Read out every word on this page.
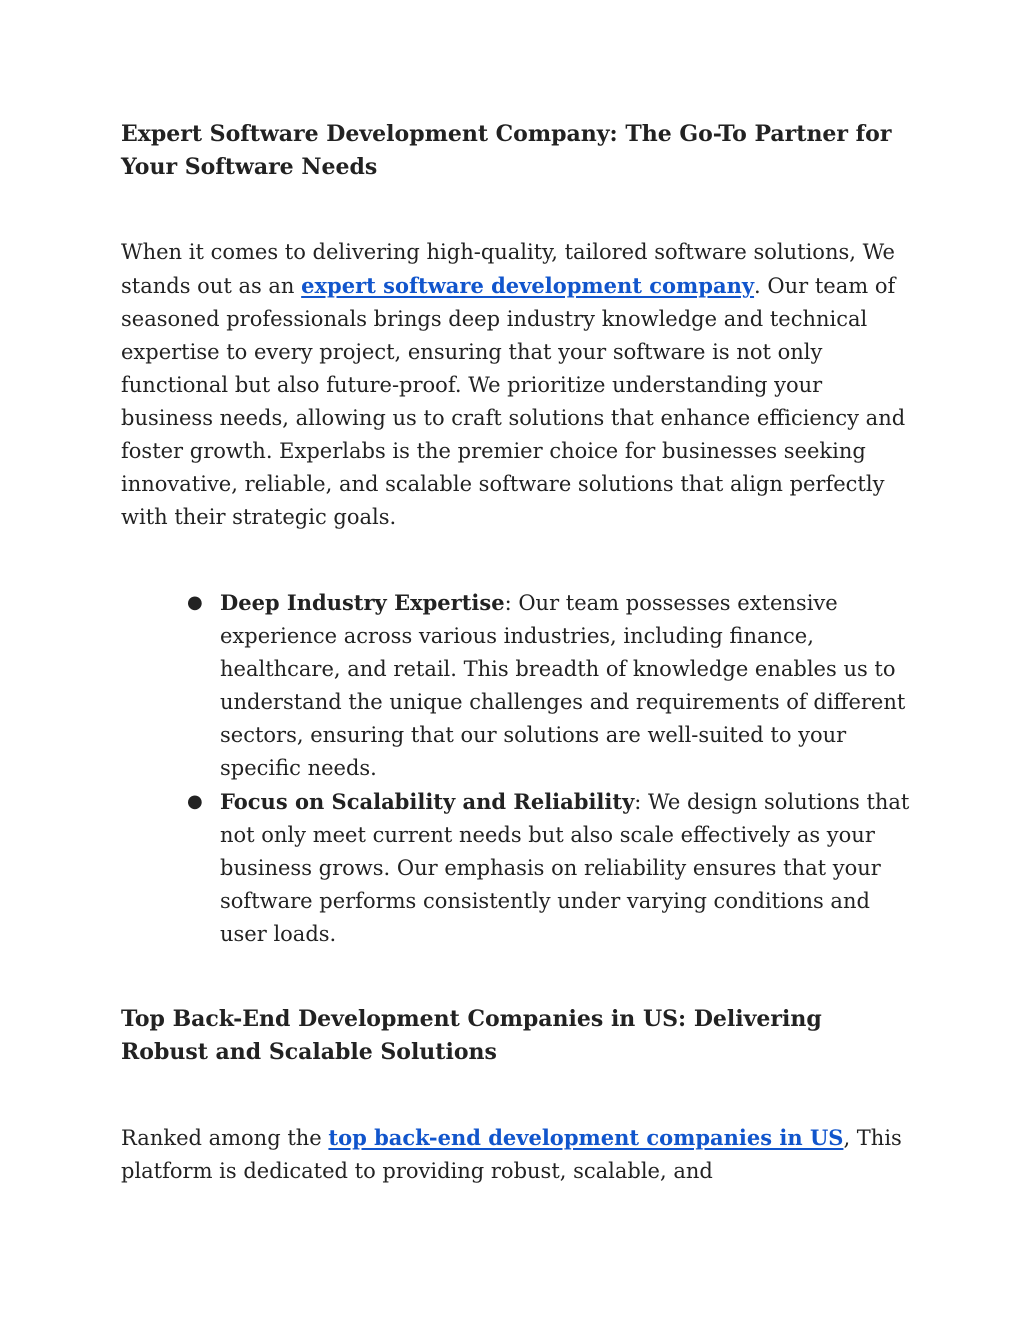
Expert Software Development Company: The Go-To Partner for Your Software Needs

When it comes to delivering high-quality, tailored software solutions, We stands out as an expert software development company. Our team of seasoned professionals brings deep industry knowledge and technical expertise to every project, ensuring that your software is not only functional but also future-proof. We prioritize understanding your business needs, allowing us to craft solutions that enhance efficiency and foster growth. Experlabs is the premier choice for businesses seeking innovative, reliable, and scalable software solutions that align perfectly with their strategic goals.

● Deep Industry Expertise: Our team possesses extensive experience across various industries, including finance, healthcare, and retail. This breadth of knowledge enables us to understand the unique challenges and requirements of different sectors, ensuring that our solutions are well-suited to your specific needs.
● Focus on Scalability and Reliability: We design solutions that not only meet current needs but also scale effectively as your business grows. Our emphasis on reliability ensures that your software performs consistently under varying conditions and user loads.
Top Back-End Development Companies in US: Delivering Robust and Scalable Solutions

Ranked among the top back-end development companies in US, This platform is dedicated to providing robust, scalable, and
